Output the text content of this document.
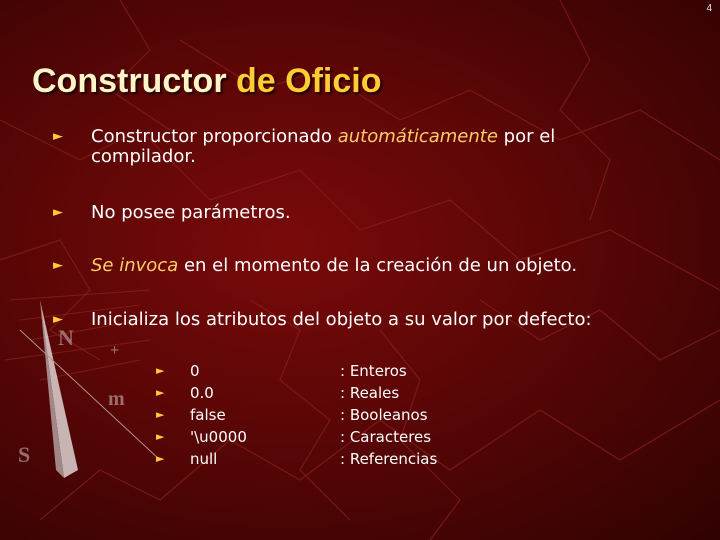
N
S
m
+
4
Constructor de Oficio
► Constructor proporcionado automáticamente por el compilador.
► No posee parámetros.
► Se invoca en el momento de la creación de un objeto.
► Inicializa los atributos del objeto a su valor por defecto:
► 0
► 0.0
► false
► '\u0000
► null
: Enteros
: Reales
: Booleanos
: Caracteres
: Referencias
